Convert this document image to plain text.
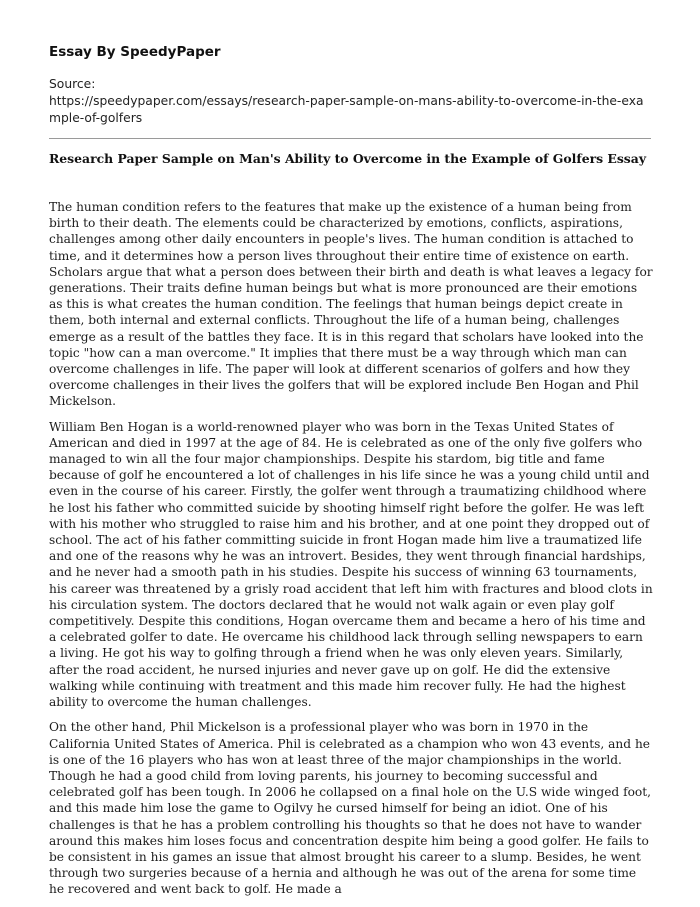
Essay By SpeedyPaper
Source:
https://speedypaper.com/essays/research-paper-sample-on-mans-ability-to-overcome-in-the-example-of-golfers
Research Paper Sample on Man's Ability to Overcome in the Example of Golfers Essay

The human condition refers to the features that make up the existence of a human being from birth to their death. The elements could be characterized by emotions, conflicts, aspirations, challenges among other daily encounters in people's lives. The human condition is attached to time, and it determines how a person lives throughout their entire time of existence on earth. Scholars argue that what a person does between their birth and death is what leaves a legacy for generations. Their traits define human beings but what is more pronounced are their emotions as this is what creates the human condition. The feelings that human beings depict create in them, both internal and external conflicts. Throughout the life of a human being, challenges emerge as a result of the battles they face. It is in this regard that scholars have looked into the topic "how can a man overcome." It implies that there must be a way through which man can overcome challenges in life. The paper will look at different scenarios of golfers and how they overcome challenges in their lives the golfers that will be explored include Ben Hogan and Phil Mickelson.

William Ben Hogan is a world-renowned player who was born in the Texas United States of American and died in 1997 at the age of 84. He is celebrated as one of the only five golfers who managed to win all the four major championships. Despite his stardom, big title and fame because of golf he encountered a lot of challenges in his life since he was a young child until and even in the course of his career. Firstly, the golfer went through a traumatizing childhood where he lost his father who committed suicide by shooting himself right before the golfer. He was left with his mother who struggled to raise him and his brother, and at one point they dropped out of school. The act of his father committing suicide in front Hogan made him live a traumatized life and one of the reasons why he was an introvert. Besides, they went through financial hardships, and he never had a smooth path in his studies. Despite his success of winning 63 tournaments, his career was threatened by a grisly road accident that left him with fractures and blood clots in his circulation system. The doctors declared that he would not walk again or even play golf competitively. Despite this conditions, Hogan overcame them and became a hero of his time and a celebrated golfer to date. He overcame his childhood lack through selling newspapers to earn a living. He got his way to golfing through a friend when he was only eleven years. Similarly, after the road accident, he nursed injuries and never gave up on golf. He did the extensive walking while continuing with treatment and this made him recover fully. He had the highest ability to overcome the human challenges.

On the other hand, Phil Mickelson is a professional player who was born in 1970 in the California United States of America. Phil is celebrated as a champion who won 43 events, and he is one of the 16 players who has won at least three of the major championships in the world. Though he had a good child from loving parents, his journey to becoming successful and celebrated golf has been tough. In 2006 he collapsed on a final hole on the U.S wide winged foot, and this made him lose the game to Ogilvy he cursed himself for being an idiot. One of his challenges is that he has a problem controlling his thoughts so that he does not have to wander around this makes him loses focus and concentration despite him being a good golfer. He fails to be consistent in his games an issue that almost brought his career to a slump. Besides, he went through two surgeries because of a hernia and although he was out of the arena for some time he recovered and went back to golf. He made a
